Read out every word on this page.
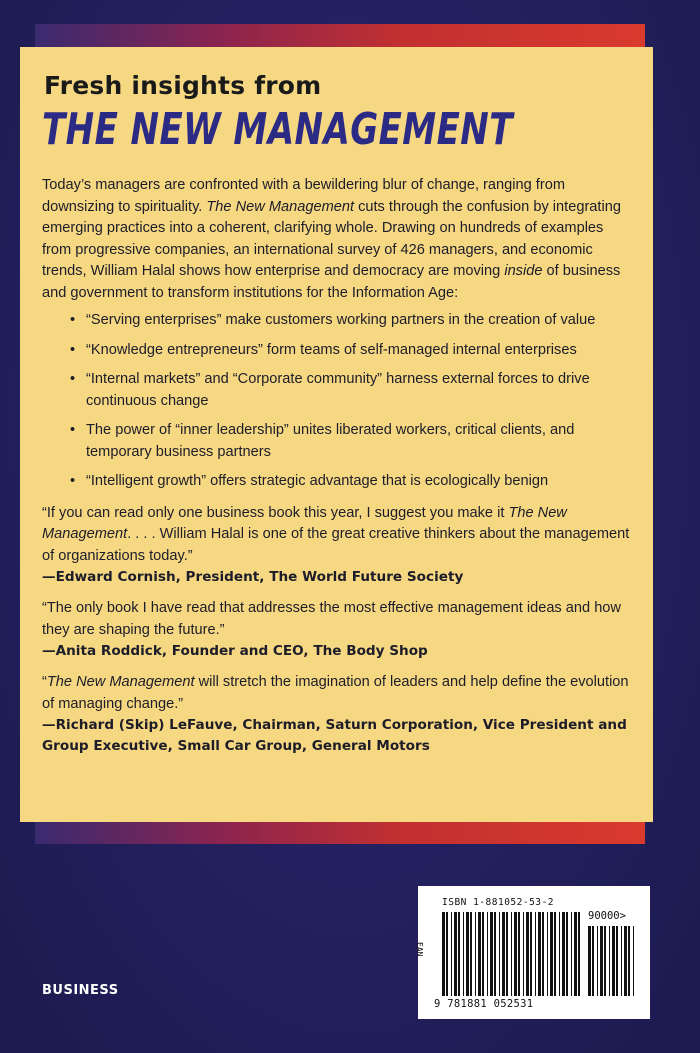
Fresh insights from
THE NEW MANAGEMENT

Today’s managers are confronted with a bewildering blur of change, ranging from downsizing to spirituality. The New Management cuts through the confusion by integrating emerging practices into a coherent, clarifying whole. Drawing on hundreds of examples from progressive companies, an international survey of 426 managers, and economic trends, William Halal shows how enterprise and democracy are moving inside of business and government to transform institutions for the Information Age:

• “Serving enterprises” make customers working partners in the creation of value
• “Knowledge entrepreneurs” form teams of self-managed internal enterprises
• “Internal markets” and “Corporate community” harness external forces to drive continuous change
• The power of “inner leadership” unites liberated workers, critical clients, and temporary business partners
• “Intelligent growth” offers strategic advantage that is ecologically benign

“If you can read only one business book this year, I suggest you make it The New Management. . . . William Halal is one of the great creative thinkers about the management of organizations today.”

—Edward Cornish, President, The World Future Society

“The only book I have read that addresses the most effective management ideas and how they are shaping the future.”

—Anita Roddick, Founder and CEO, The Body Shop

“The New Management will stretch the imagination of leaders and help define the evolution of managing change.”

—Richard (Skip) LeFauve, Chairman, Saturn Corporation, Vice President and Group Executive, Small Car Group, General Motors
BUSINESS
ISBN 1-881052-53-2
EAN
90000>
9 781881 052531
